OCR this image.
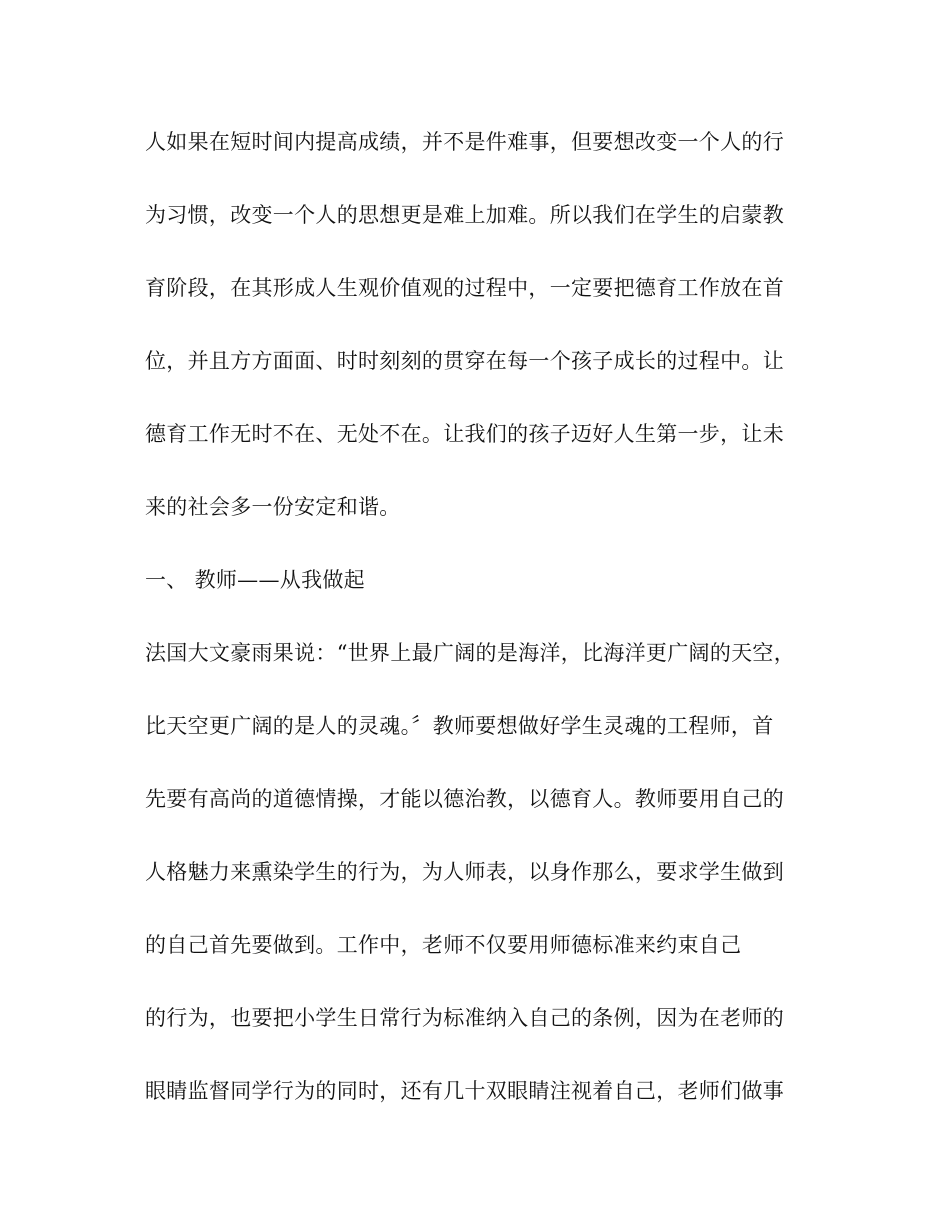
人如果在短时间内提高成绩，并不是件难事，但要想改变一个人的行
为习惯，改变一个人的思想更是难上加难。所以我们在学生的启蒙教
育阶段，在其形成人生观价值观的过程中，一定要把德育工作放在首
位，并且方方面面、时时刻刻的贯穿在每一个孩子成长的过程中。让
德育工作无时不在、无处不在。让我们的孩子迈好人生第一步，让未
来的社会多一份安定和谐。
一、 教师——从我做起
法国大文豪雨果说：“世界上最广阔的是海洋，比海洋更广阔的天空，
比天空更广阔的是人的灵魂。〞教师要想做好学生灵魂的工程师，首
先要有高尚的道德情操，才能以德治教，以德育人。教师要用自己的
人格魅力来熏染学生的行为，为人师表，以身作那么，要求学生做到
的自己首先要做到。工作中，老师不仅要用师德标准来约束自己
的行为，也要把小学生日常行为标准纳入自己的条例，因为在老师的
眼睛监督同学行为的同时，还有几十双眼睛注视着自己，老师们做事
